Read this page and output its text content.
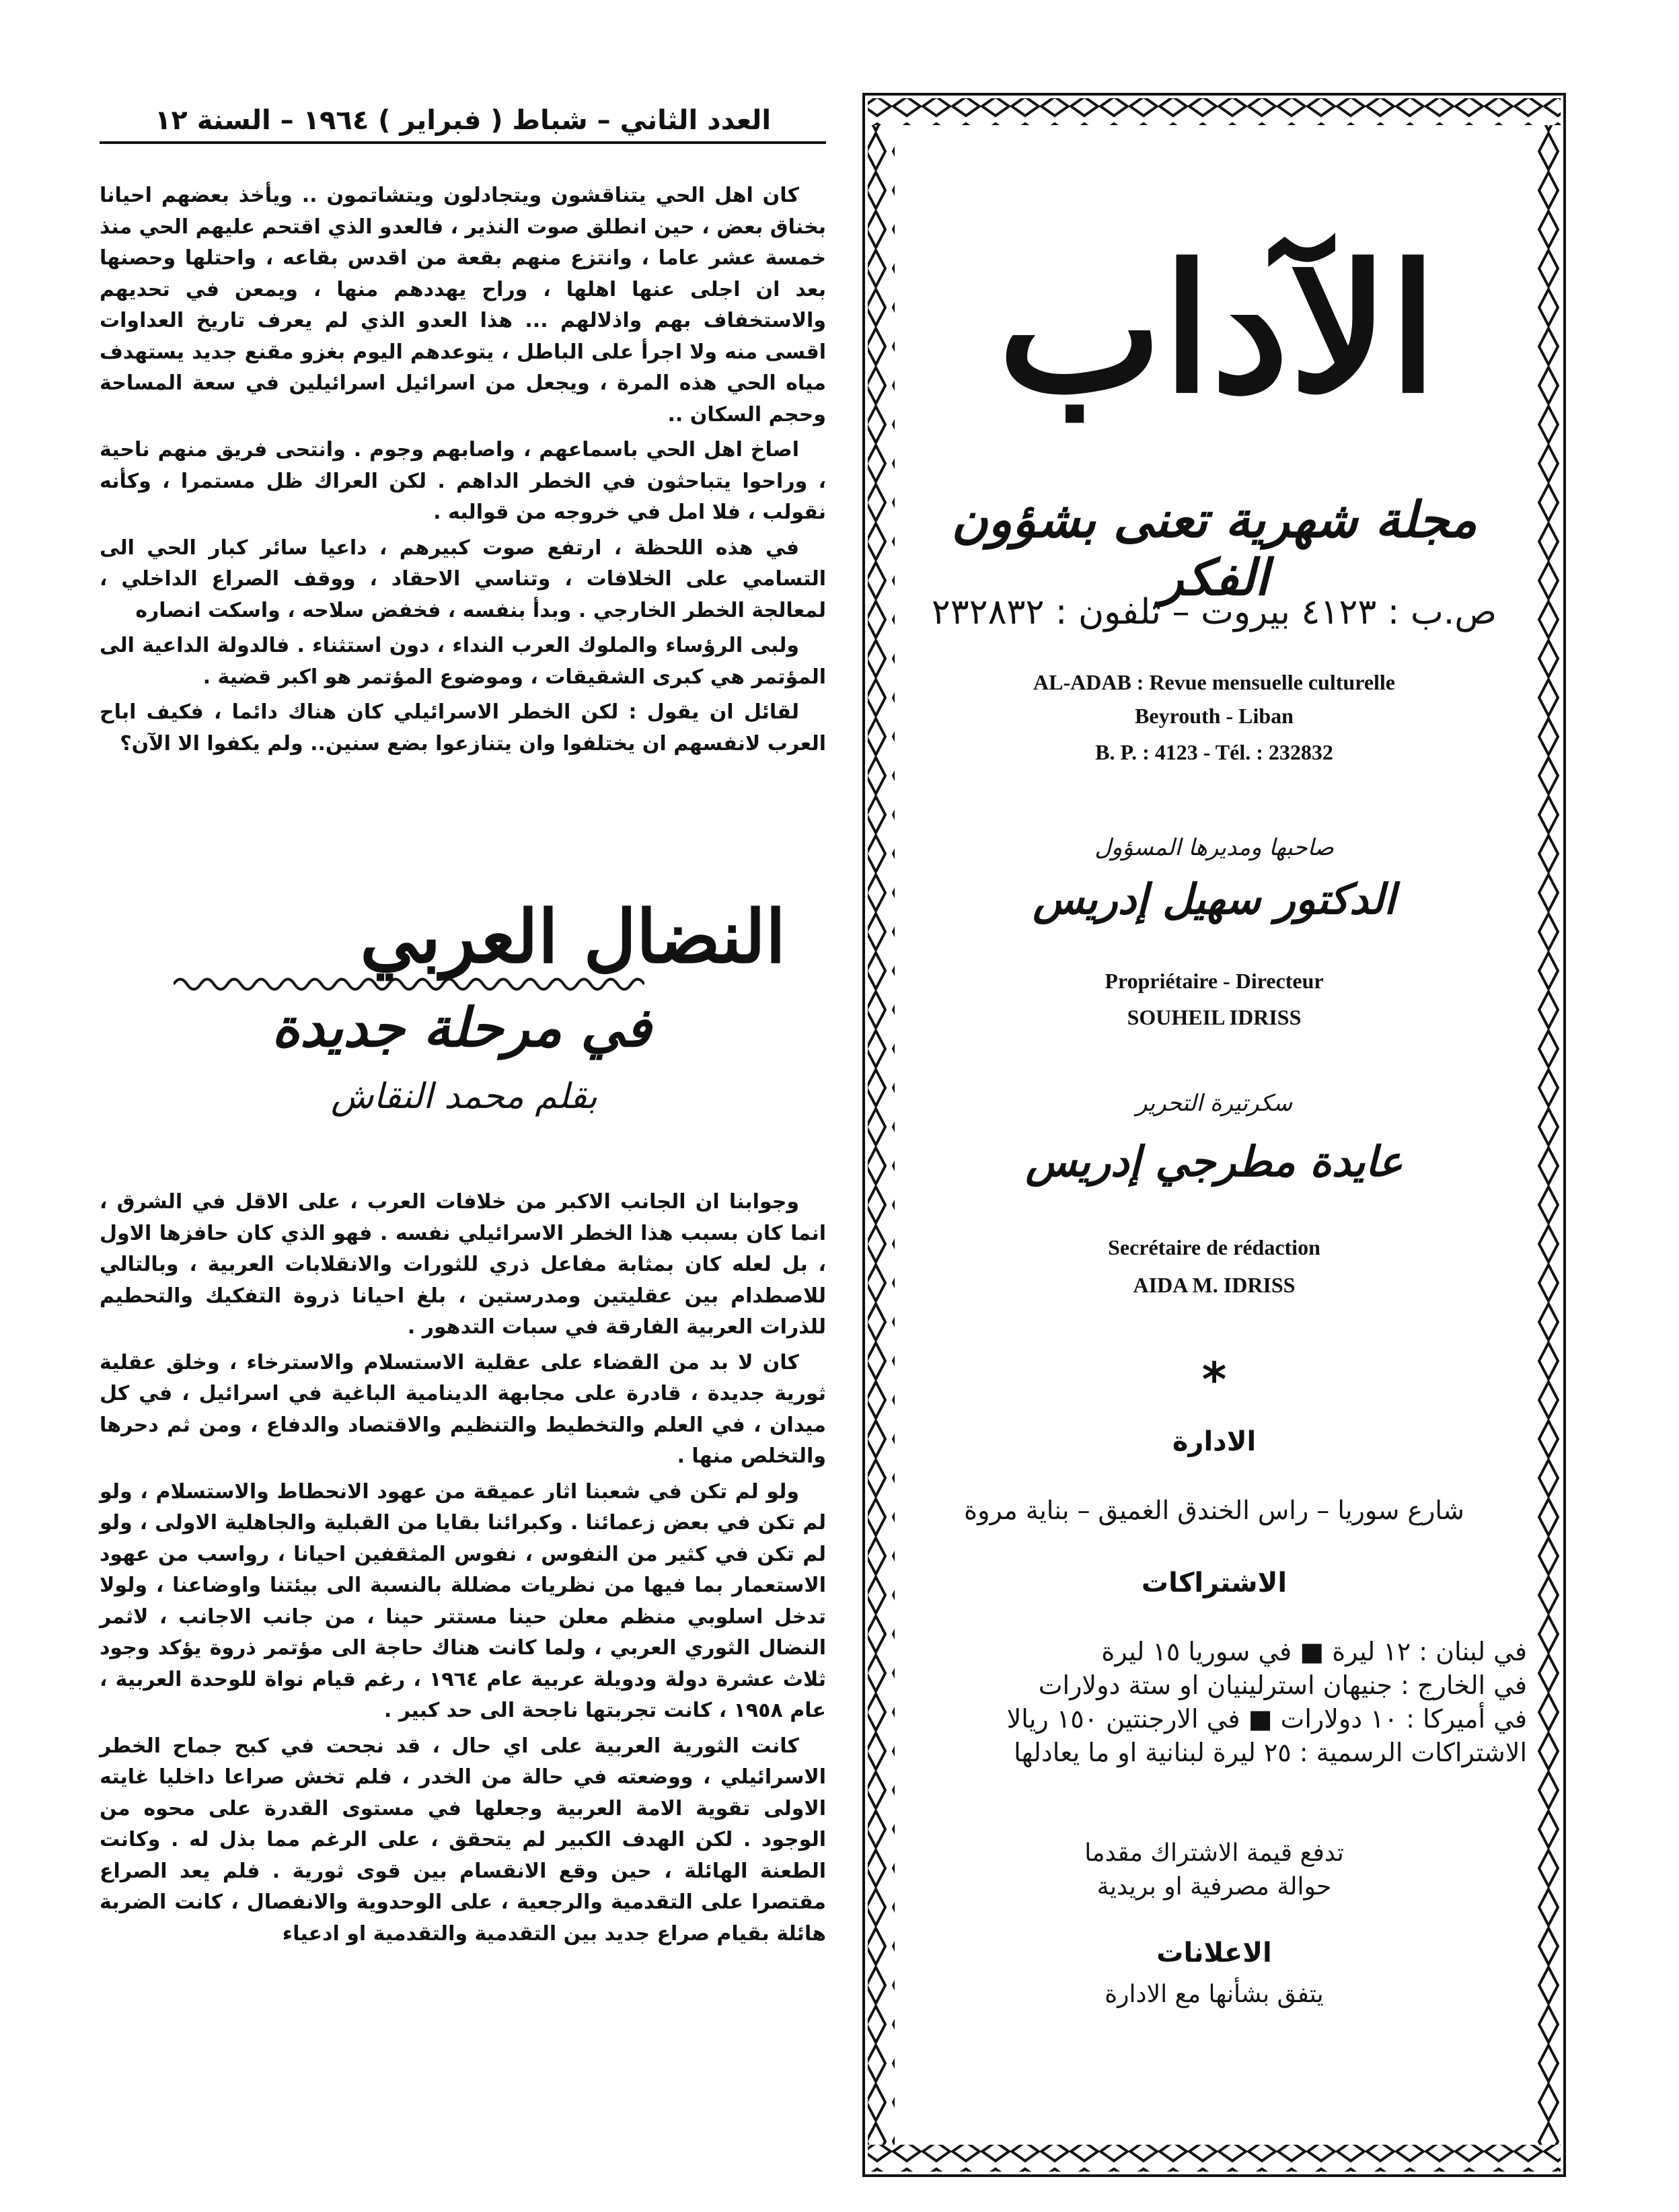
العدد الثاني – شباط ( فبراير ) ١٩٦٤ – السنة ١٢

كان اهل الحي يتناقشون ويتجادلون ويتشاتمون .. ويأخذ بعضهم احيانا بخناق بعض ، حين انطلق صوت النذير ، فالعدو الذي اقتحم عليهم الحي منذ خمسة عشر عاما ، وانتزع منهم بقعة من اقدس بقاعه ، واحتلها وحصنها بعد ان اجلى عنها اهلها ، وراح يهددهم منها ، ويمعن في تحديهم والاستخفاف بهم واذلالهم ... هذا العدو الذي لم يعرف تاريخ العداوات اقسى منه ولا اجرأ على الباطل ، يتوعدهم اليوم بغزو مقنع جديد يستهدف مياه الحي هذه المرة ، ويجعل من اسرائيل اسرائيلين في سعة المساحة وحجم السكان ..

اصاخ اهل الحي باسماعهم ، واصابهم وجوم . وانتحى فريق منهم ناحية ، وراحوا يتباحثون في الخطر الداهم . لكن العراك ظل مستمرا ، وكأنه نقولب ، فلا امل في خروجه من قوالبه .

في هذه اللحظة ، ارتفع صوت كبيرهم ، داعيا سائر كبار الحي الى التسامي على الخلافات ، وتناسي الاحقاد ، ووقف الصراع الداخلي ، لمعالجة الخطر الخارجي . وبدأ بنفسه ، فخفض سلاحه ، واسكت انصاره

ولبى الرؤساء والملوك العرب النداء ، دون استثناء . فالدولة الداعية الى المؤتمر هي كبرى الشقيقات ، وموضوع المؤتمر هو اكبر قضية .

لقائل ان يقول : لكن الخطر الاسرائيلي كان هناك دائما ، فكيف اباح العرب لانفسهم ان يختلفوا وان يتنازعوا بضع سنين.. ولم يكفوا الا الآن؟

النضال العربي
في مرحلة جديدة
بقلم محمد النقاش

وجوابنا ان الجانب الاكبر من خلافات العرب ، على الاقل في الشرق ، انما كان بسبب هذا الخطر الاسرائيلي نفسه . فهو الذي كان حافزها الاول ، بل لعله كان بمثابة مفاعل ذري للثورات والانقلابات العربية ، وبالتالي للاصطدام بين عقليتين ومدرستين ، بلغ احيانا ذروة التفكيك والتحطيم للذرات العربية الفارقة في سبات التدهور .

كان لا بد من القضاء على عقلية الاستسلام والاسترخاء ، وخلق عقلية ثورية جديدة ، قادرة على مجابهة الدينامية الباغية في اسرائيل ، في كل ميدان ، في العلم والتخطيط والتنظيم والاقتصاد والدفاع ، ومن ثم دحرها والتخلص منها .

ولو لم تكن في شعبنا اثار عميقة من عهود الانحطاط والاستسلام ، ولو لم تكن في بعض زعمائنا . وكبرائنا بقايا من القبلية والجاهلية الاولى ، ولو لم تكن في كثير من النفوس ، نفوس المثقفين احيانا ، رواسب من عهود الاستعمار بما فيها من نظريات مضللة بالنسبة الى بيئتنا واوضاعنا ، ولولا تدخل اسلوبي منظم معلن حينا مستتر حينا ، من جانب الاجانب ، لاثمر النضال الثوري العربي ، ولما كانت هناك حاجة الى مؤتمر ذروة يؤكد وجود ثلاث عشرة دولة ودويلة عربية عام ١٩٦٤ ، رغم قيام نواة للوحدة العربية ، عام ١٩٥٨ ، كانت تجربتها ناجحة الى حد كبير .

كانت الثورية العربية على اي حال ، قد نجحت في كبح جماح الخطر الاسرائيلي ، ووضعته في حالة من الخدر ، فلم تخش صراعا داخليا غايته الاولى تقوية الامة العربية وجعلها في مستوى القدرة على محوه من الوجود . لكن الهدف الكبير لم يتحقق ، على الرغم مما بذل له . وكانت الطعنة الهائلة ، حين وقع الانقسام بين قوى ثورية . فلم يعد الصراع مقتصرا على التقدمية والرجعية ، على الوحدوية والانفصال ، كانت الضربة هائلة بقيام صراع جديد بين التقدمية والتقدمية او ادعياء

الآداب
مجلة شهرية تعنى بشؤون الفكر
ص.ب : ٤١٢٣ بيروت – تلفون : ٢٣٢٨٣٢
AL-ADAB : Revue mensuelle culturelle
Beyrouth - Liban
B. P. : 4123 - Tél. : 232832
صاحبها ومديرها المسؤول
الدكتور سهيل إدريس
Propriétaire - Directeur
SOUHEIL IDRISS
سكرتيرة التحرير
عايدة مطرجي إدريس
Secrétaire de rédaction
AIDA M. IDRISS
*
الادارة
شارع سوريا – راس الخندق الغميق – بناية مروة
الاشتراكات
في لبنان : ١٢ ليرة ■ في سوريا ١٥ ليرة
في الخارج : جنيهان استرلينيان او ستة دولارات
في أميركا : ١٠ دولارات ■ في الارجنتين ١٥٠ ريالا
الاشتراكات الرسمية : ٢٥ ليرة لبنانية او ما يعادلها
تدفع قيمة الاشتراك مقدما
حوالة مصرفية او بريدية
الاعلانات
يتفق بشأنها مع الادارة
